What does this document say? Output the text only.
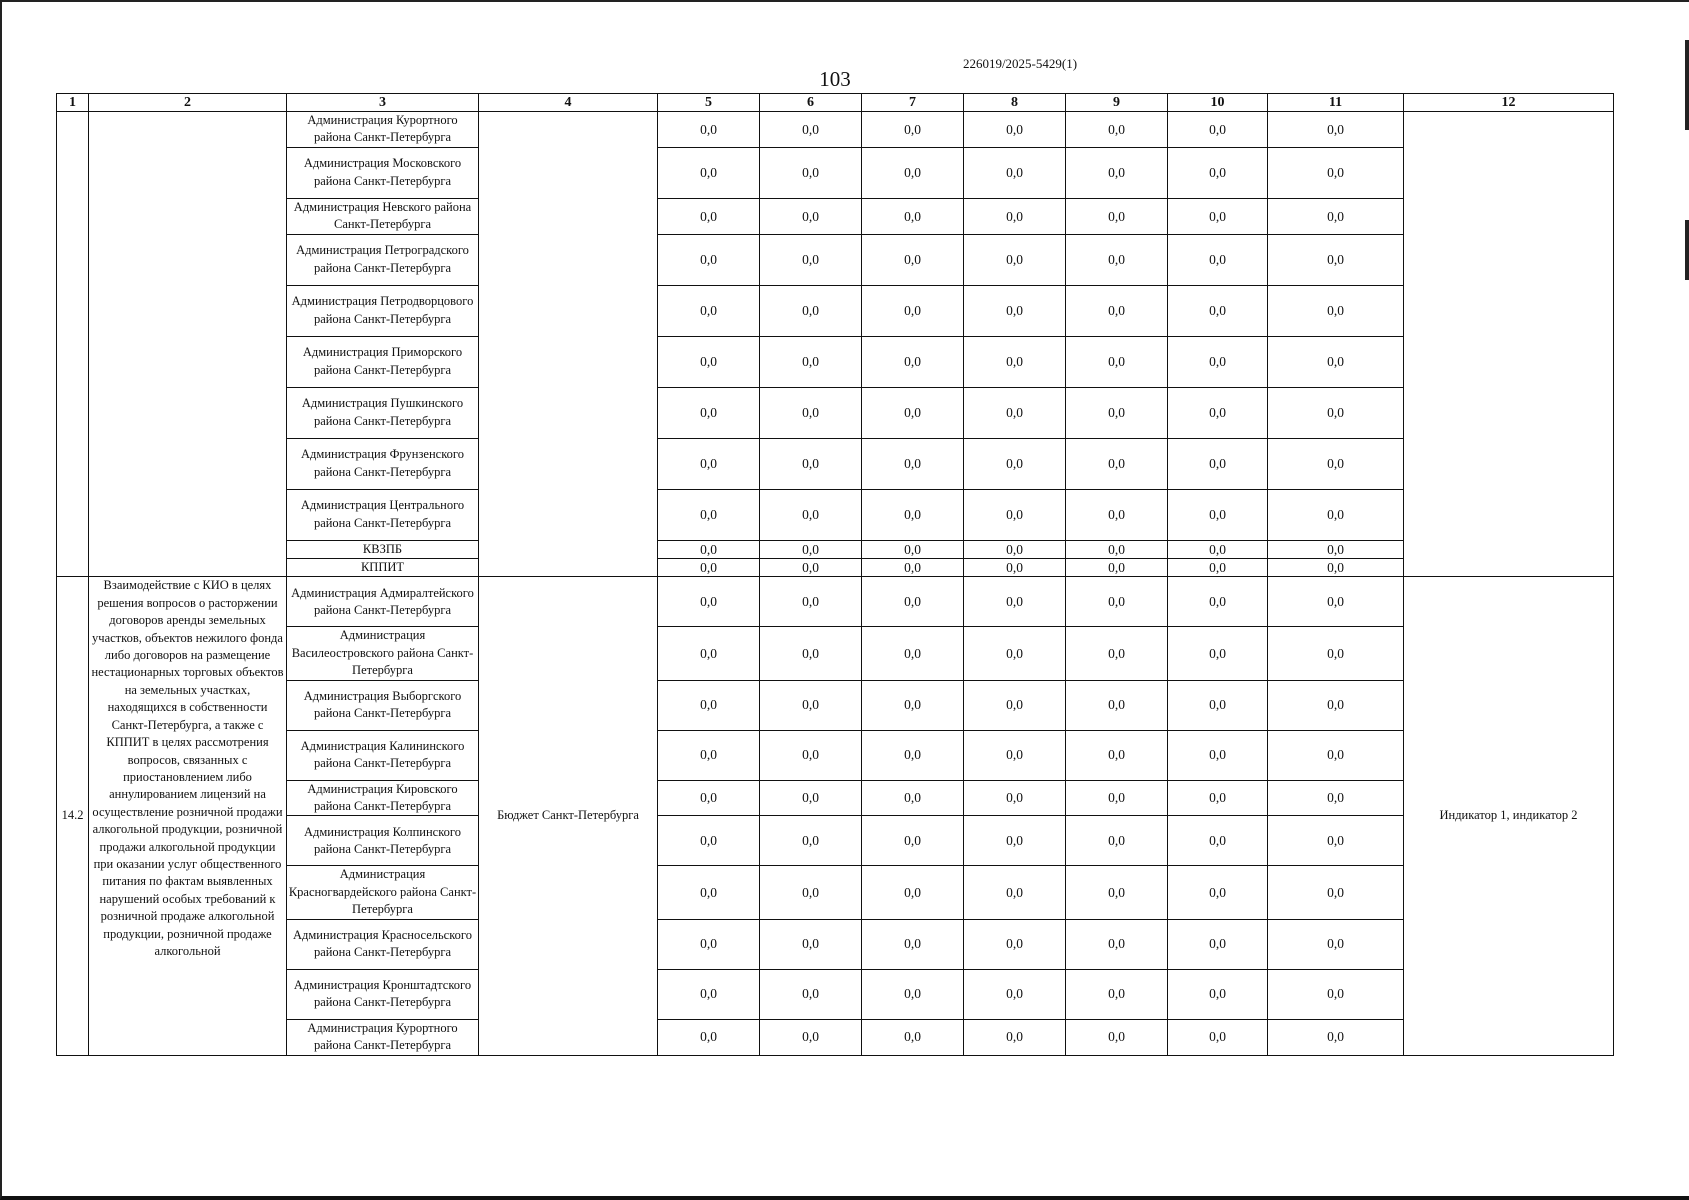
226019/2025-5429(1)
103
1	2	3	4	5	6	7	8	9	10	11	12
		Администрация Курортного района Санкт-Петербурга		0,0	0,0	0,0	0,0	0,0	0,0	0,0	
		Администрация Московского района Санкт-Петербурга		0,0	0,0	0,0	0,0	0,0	0,0	0,0	
		Администрация Невского района Санкт-Петербурга		0,0	0,0	0,0	0,0	0,0	0,0	0,0	
		Администрация Петроградского района Санкт-Петербурга		0,0	0,0	0,0	0,0	0,0	0,0	0,0	
		Администрация Петродворцового района Санкт-Петербурга		0,0	0,0	0,0	0,0	0,0	0,0	0,0	
		Администрация Приморского района Санкт-Петербурга		0,0	0,0	0,0	0,0	0,0	0,0	0,0	
		Администрация Пушкинского района Санкт-Петербурга		0,0	0,0	0,0	0,0	0,0	0,0	0,0	
		Администрация Фрунзенского района Санкт-Петербурга		0,0	0,0	0,0	0,0	0,0	0,0	0,0	
		Администрация Центрального района Санкт-Петербурга		0,0	0,0	0,0	0,0	0,0	0,0	0,0	
		КВЗПБ		0,0	0,0	0,0	0,0	0,0	0,0	0,0	
		КППИТ		0,0	0,0	0,0	0,0	0,0	0,0	0,0	
14.2	Взаимодействие с КИО в целях решения вопросов о расторжении договоров аренды земельных участков, объектов нежилого фонда либо договоров на размещение нестационарных торговых объектов на земельных участках, находящихся в собственности Санкт-Петербурга, а также с КППИТ в целях рассмотрения вопросов, связанных с приостановлением либо аннулированием лицензий на осуществление розничной продажи алкогольной продукции, розничной продажи алкогольной продукции при оказании услуг общественного питания по фактам выявленных нарушений особых требований к розничной продаже алкогольной продукции, розничной продаже алкогольной	Администрация Адмиралтейского района Санкт-Петербурга	Бюджет Санкт-Петербурга	0,0	0,0	0,0	0,0	0,0	0,0	0,0	Индикатор 1, индикатор 2
		Администрация Василеостровского района Санкт-Петербурга		0,0	0,0	0,0	0,0	0,0	0,0	0,0	
		Администрация Выборгского района Санкт-Петербурга		0,0	0,0	0,0	0,0	0,0	0,0	0,0	
		Администрация Калининского района Санкт-Петербурга		0,0	0,0	0,0	0,0	0,0	0,0	0,0	
		Администрация Кировского района Санкт-Петербурга		0,0	0,0	0,0	0,0	0,0	0,0	0,0	
		Администрация Колпинского района Санкт-Петербурга		0,0	0,0	0,0	0,0	0,0	0,0	0,0	
		Администрация Красногвардейского района Санкт-Петербурга		0,0	0,0	0,0	0,0	0,0	0,0	0,0	
		Администрация Красносельского района Санкт-Петербурга		0,0	0,0	0,0	0,0	0,0	0,0	0,0	
		Администрация Кронштадтского района Санкт-Петербурга		0,0	0,0	0,0	0,0	0,0	0,0	0,0	
		Администрация Курортного района Санкт-Петербурга		0,0	0,0	0,0	0,0	0,0	0,0	0,0	
